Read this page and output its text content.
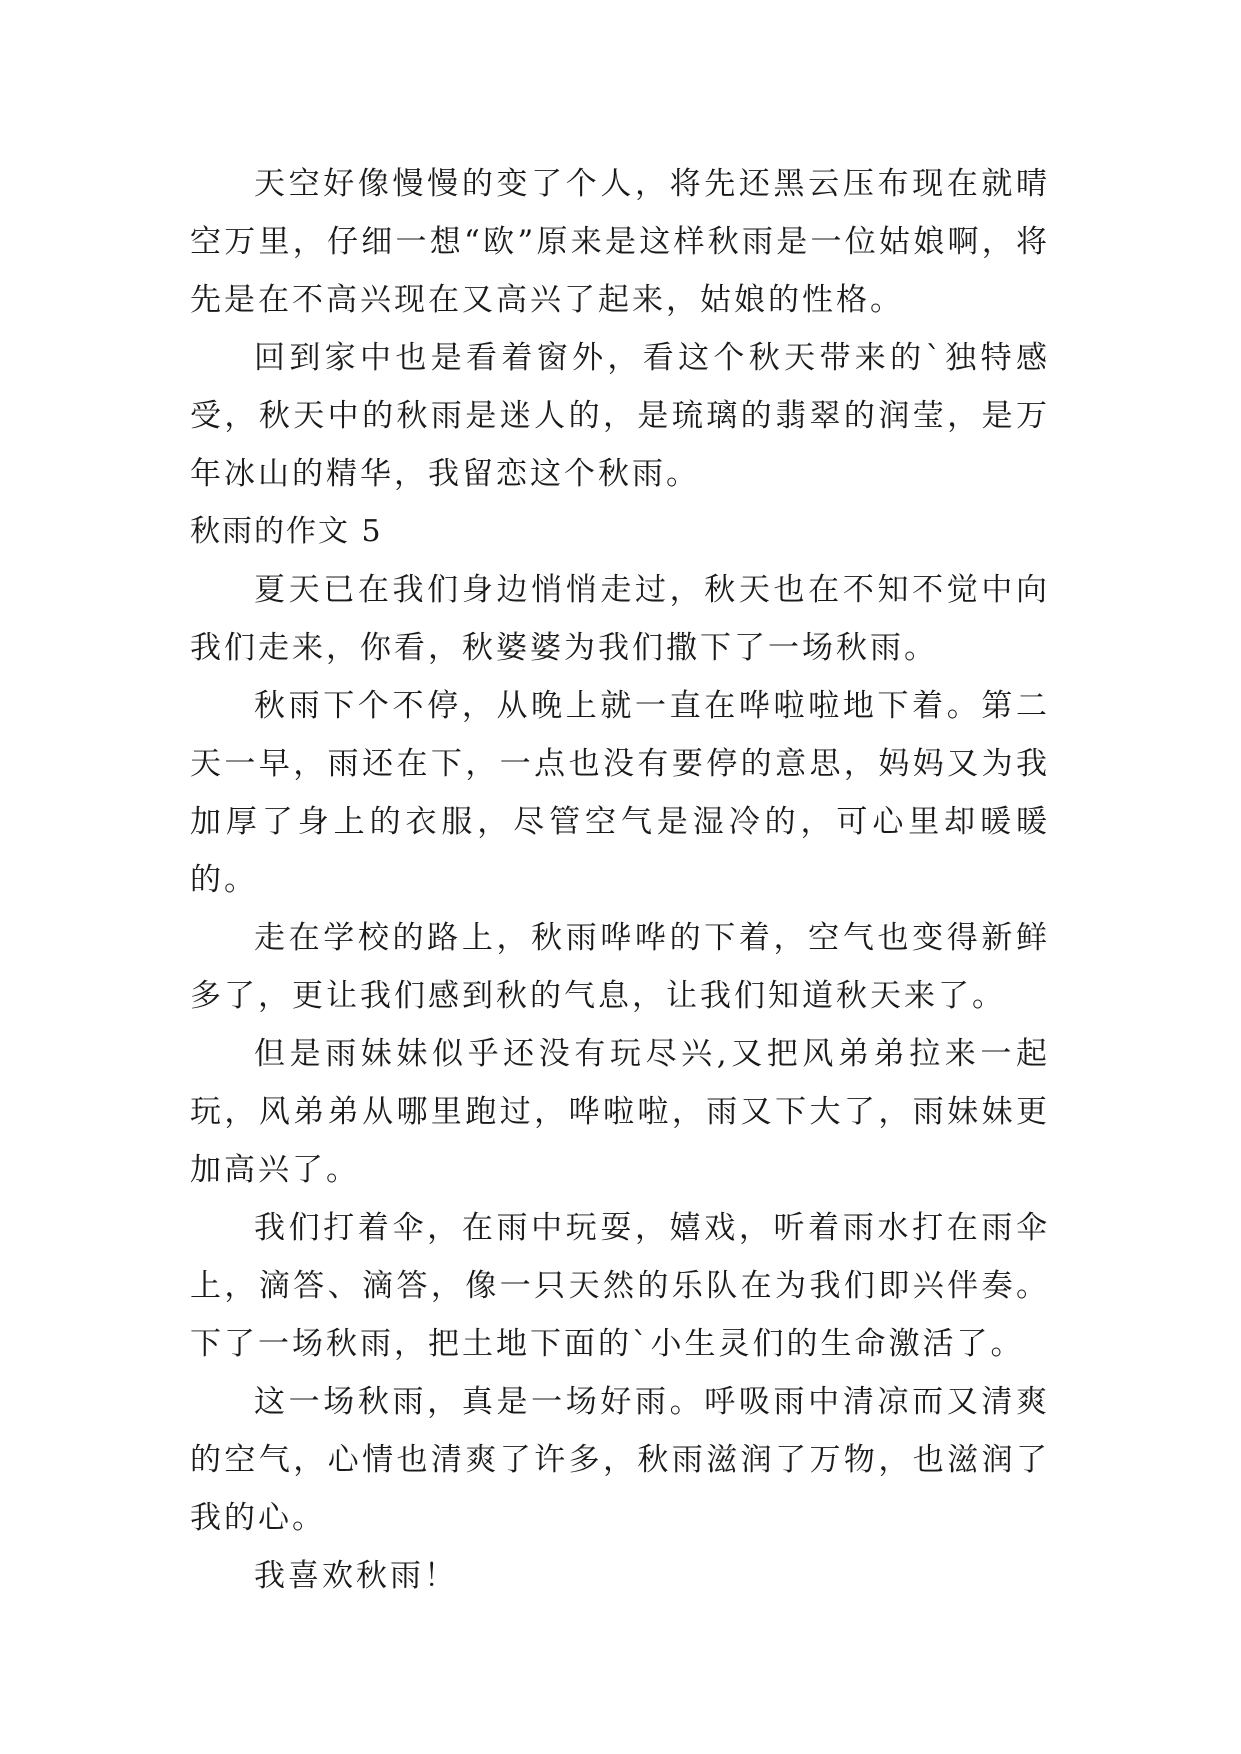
天空好像慢慢的变了个人，将先还黑云压布现在就晴空万里，仔细一想“欧”原来是这样秋雨是一位姑娘啊，将先是在不高兴现在又高兴了起来，姑娘的性格。

回到家中也是看着窗外，看这个秋天带来的`独特感受，秋天中的秋雨是迷人的，是琉璃的翡翠的润莹，是万年冰山的精华，我留恋这个秋雨。

秋雨的作文 5

夏天已在我们身边悄悄走过，秋天也在不知不觉中向我们走来，你看，秋婆婆为我们撒下了一场秋雨。

秋雨下个不停，从晚上就一直在哗啦啦地下着。第二天一早，雨还在下，一点也没有要停的意思，妈妈又为我加厚了身上的衣服，尽管空气是湿冷的，可心里却暖暖的。

走在学校的路上，秋雨哗哗的下着，空气也变得新鲜多了，更让我们感到秋的气息，让我们知道秋天来了。

但是雨妹妹似乎还没有玩尽兴,又把风弟弟拉来一起玩，风弟弟从哪里跑过，哗啦啦，雨又下大了，雨妹妹更加高兴了。

我们打着伞，在雨中玩耍，嬉戏，听着雨水打在雨伞上，滴答、滴答，像一只天然的乐队在为我们即兴伴奏。下了一场秋雨，把土地下面的`小生灵们的生命激活了。

这一场秋雨，真是一场好雨。呼吸雨中清凉而又清爽的空气，心情也清爽了许多，秋雨滋润了万物，也滋润了我的心。

我喜欢秋雨！
